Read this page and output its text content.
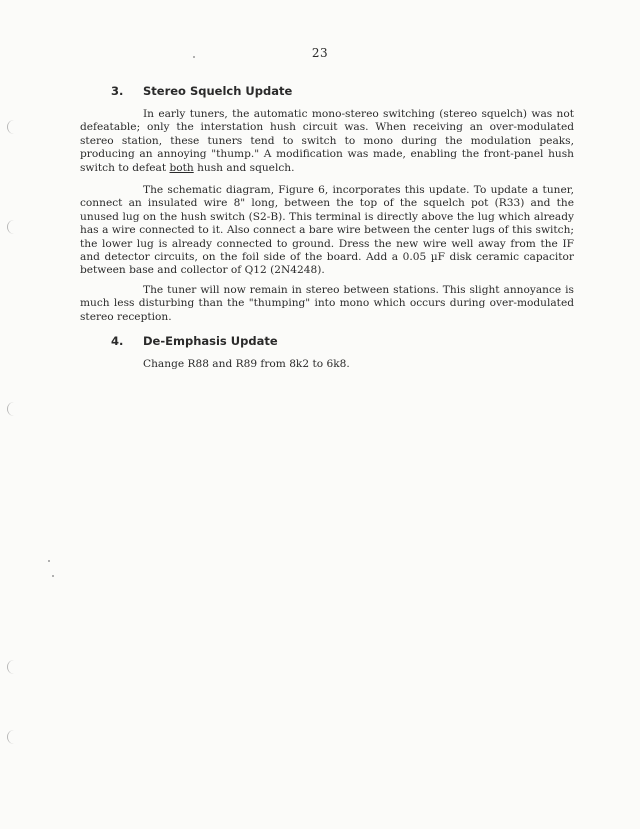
23
3. Stereo Squelch Update

In early tuners, the automatic mono-stereo switching (stereo squelch) was not defeatable; only the interstation hush circuit was. When receiving an over-modulated stereo station, these tuners tend to switch to mono during the modulation peaks, producing an annoying "thump." A modification was made, enabling the front-panel hush switch to defeat both hush and squelch.

The schematic diagram, Figure 6, incorporates this update. To update a tuner, connect an insulated wire 8" long, between the top of the squelch pot (R33) and the unused lug on the hush switch (S2-B). This terminal is directly above the lug which already has a wire connected to it. Also connect a bare wire between the center lugs of this switch; the lower lug is already connected to ground. Dress the new wire well away from the IF and detector circuits, on the foil side of the board. Add a 0.05 µF disk ceramic capacitor between base and collector of Q12 (2N4248).

The tuner will now remain in stereo between stations. This slight annoyance is much less disturbing than the "thumping" into mono which occurs during over-modulated stereo reception.

4. De-Emphasis Update

Change R88 and R89 from 8k2 to 6k8.
